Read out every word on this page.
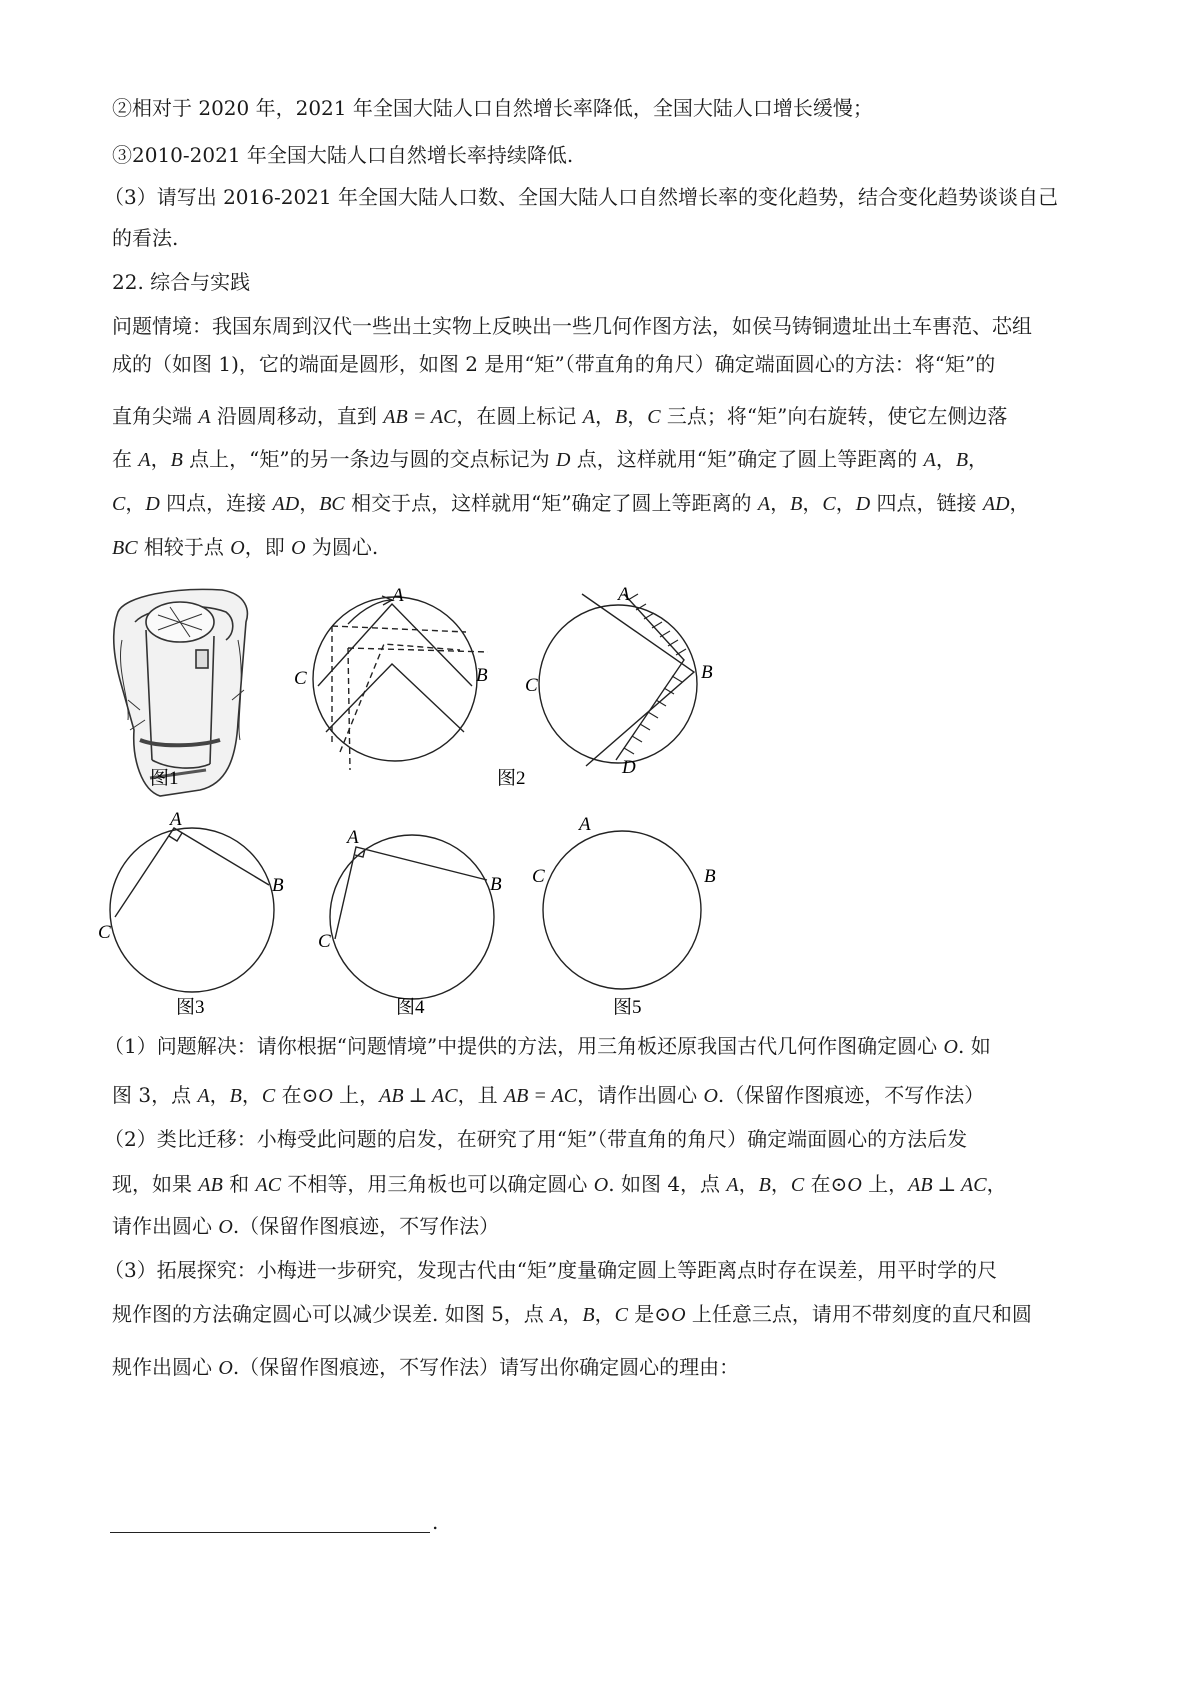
②相对于 2020 年，2021 年全国大陆人口自然增长率降低，全国大陆人口增长缓慢；
③2010-2021 年全国大陆人口自然增长率持续降低.
（3）请写出 2016-2021 年全国大陆人口数、全国大陆人口自然增长率的变化趋势，结合变化趋势谈谈自己
的看法.
22. 综合与实践
问题情境：我国东周到汉代一些出土实物上反映出一些几何作图方法，如侯马铸铜遗址出土车軎范、芯组
成的（如图 1)，它的端面是圆形，如图 2 是用“矩”（带直角的角尺）确定端面圆心的方法：将“矩”的
直角尖端 A 沿圆周移动，直到 AB = AC，在圆上标记 A，B，C 三点；将“矩”向右旋转，使它左侧边落
在 A，B 点上，“矩”的另一条边与圆的交点标记为 D 点，这样就用“矩”确定了圆上等距离的 A，B，
C，D 四点，连接 AD，BC 相交于点，这样就用“矩”确定了圆上等距离的 A，B，C，D 四点，链接 AD，
BC 相较于点 O，即 O 为圆心.
图1
A
B
C
图2
A
B
C
D
A
B
C
图3
A
B
C
图4
A
B
C
图5
（1）问题解决：请你根据“问题情境”中提供的方法，用三角板还原我国古代几何作图确定圆心 O. 如
图 3，点 A，B，C 在⊙O 上，AB ⊥ AC，且 AB = AC，请作出圆心 O.（保留作图痕迹，不写作法）
（2）类比迁移：小梅受此问题的启发，在研究了用“矩”（带直角的角尺）确定端面圆心的方法后发
现，如果 AB 和 AC 不相等，用三角板也可以确定圆心 O. 如图 4，点 A，B，C 在⊙O 上，AB ⊥ AC，
请作出圆心 O.（保留作图痕迹，不写作法）
（3）拓展探究：小梅进一步研究，发现古代由“矩”度量确定圆上等距离点时存在误差，用平时学的尺
规作图的方法确定圆心可以减少误差. 如图 5，点 A，B，C 是⊙O 上任意三点，请用不带刻度的直尺和圆
规作出圆心 O.（保留作图痕迹，不写作法）请写出你确定圆心的理由：
.
